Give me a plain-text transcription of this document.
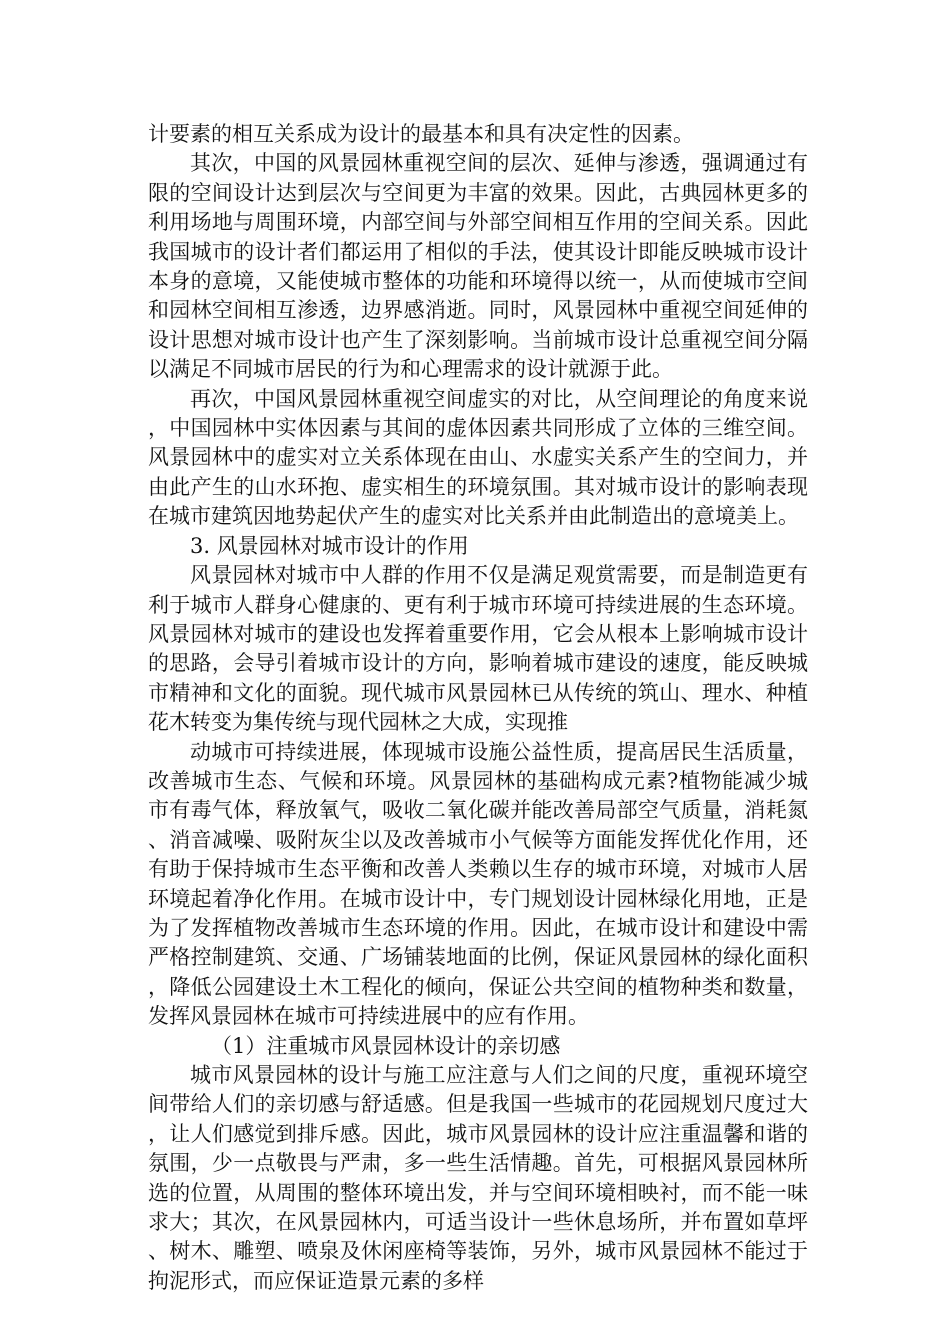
计要素的相互关系成为设计的最基本和具有决定性的因素。

其次，中国的风景园林重视空间的层次、延伸与渗透，强调通过有限的空间设计达到层次与空间更为丰富的效果。因此，古典园林更多的利用场地与周围环境，内部空间与外部空间相互作用的空间关系。因此我国城市的设计者们都运用了相似的手法，使其设计即能反映城市设计本身的意境，又能使城市整体的功能和环境得以统一，从而使城市空间和园林空间相互渗透，边界感消逝。同时，风景园林中重视空间延伸的设计思想对城市设计也产生了深刻影响。当前城市设计总重视空间分隔以满足不同城市居民的行为和心理需求的设计就源于此。

再次，中国风景园林重视空间虚实的对比，从空间理论的角度来说，中国园林中实体因素与其间的虚体因素共同形成了立体的三维空间。风景园林中的虚实对立关系体现在由山、水虚实关系产生的空间力，并由此产生的山水环抱、虚实相生的环境氛围。其对城市设计的影响表现在城市建筑因地势起伏产生的虚实对比关系并由此制造出的意境美上。

3. 风景园林对城市设计的作用

风景园林对城市中人群的作用不仅是满足观赏需要，而是制造更有利于城市人群身心健康的、更有利于城市环境可持续进展的生态环境。风景园林对城市的建设也发挥着重要作用，它会从根本上影响城市设计的思路，会导引着城市设计的方向，影响着城市建设的速度，能反映城市精神和文化的面貌。现代城市风景园林已从传统的筑山、理水、种植花木转变为集传统与现代园林之大成，实现推

动城市可持续进展，体现城市设施公益性质，提高居民生活质量，改善城市生态、气候和环境。风景园林的基础构成元素?植物能减少城市有毒气体，释放氧气，吸收二氧化碳并能改善局部空气质量，消耗氮、消音减噪、吸附灰尘以及改善城市小气候等方面能发挥优化作用，还有助于保持城市生态平衡和改善人类赖以生存的城市环境，对城市人居环境起着净化作用。在城市设计中，专门规划设计园林绿化用地，正是为了发挥植物改善城市生态环境的作用。因此，在城市设计和建设中需严格控制建筑、交通、广场铺装地面的比例，保证风景园林的绿化面积，降低公园建设土木工程化的倾向，保证公共空间的植物种类和数量，发挥风景园林在城市可持续进展中的应有作用。

（1）注重城市风景园林设计的亲切感

城市风景园林的设计与施工应注意与人们之间的尺度，重视环境空间带给人们的亲切感与舒适感。但是我国一些城市的花园规划尺度过大，让人们感觉到排斥感。因此，城市风景园林的设计应注重温馨和谐的氛围，少一点敬畏与严肃，多一些生活情趣。首先，可根据风景园林所选的位置，从周围的整体环境出发，并与空间环境相映衬，而不能一味求大；其次，在风景园林内，可适当设计一些休息场所，并布置如草坪、树木、雕塑、喷泉及休闲座椅等装饰，另外，城市风景园林不能过于拘泥形式，而应保证造景元素的多样
